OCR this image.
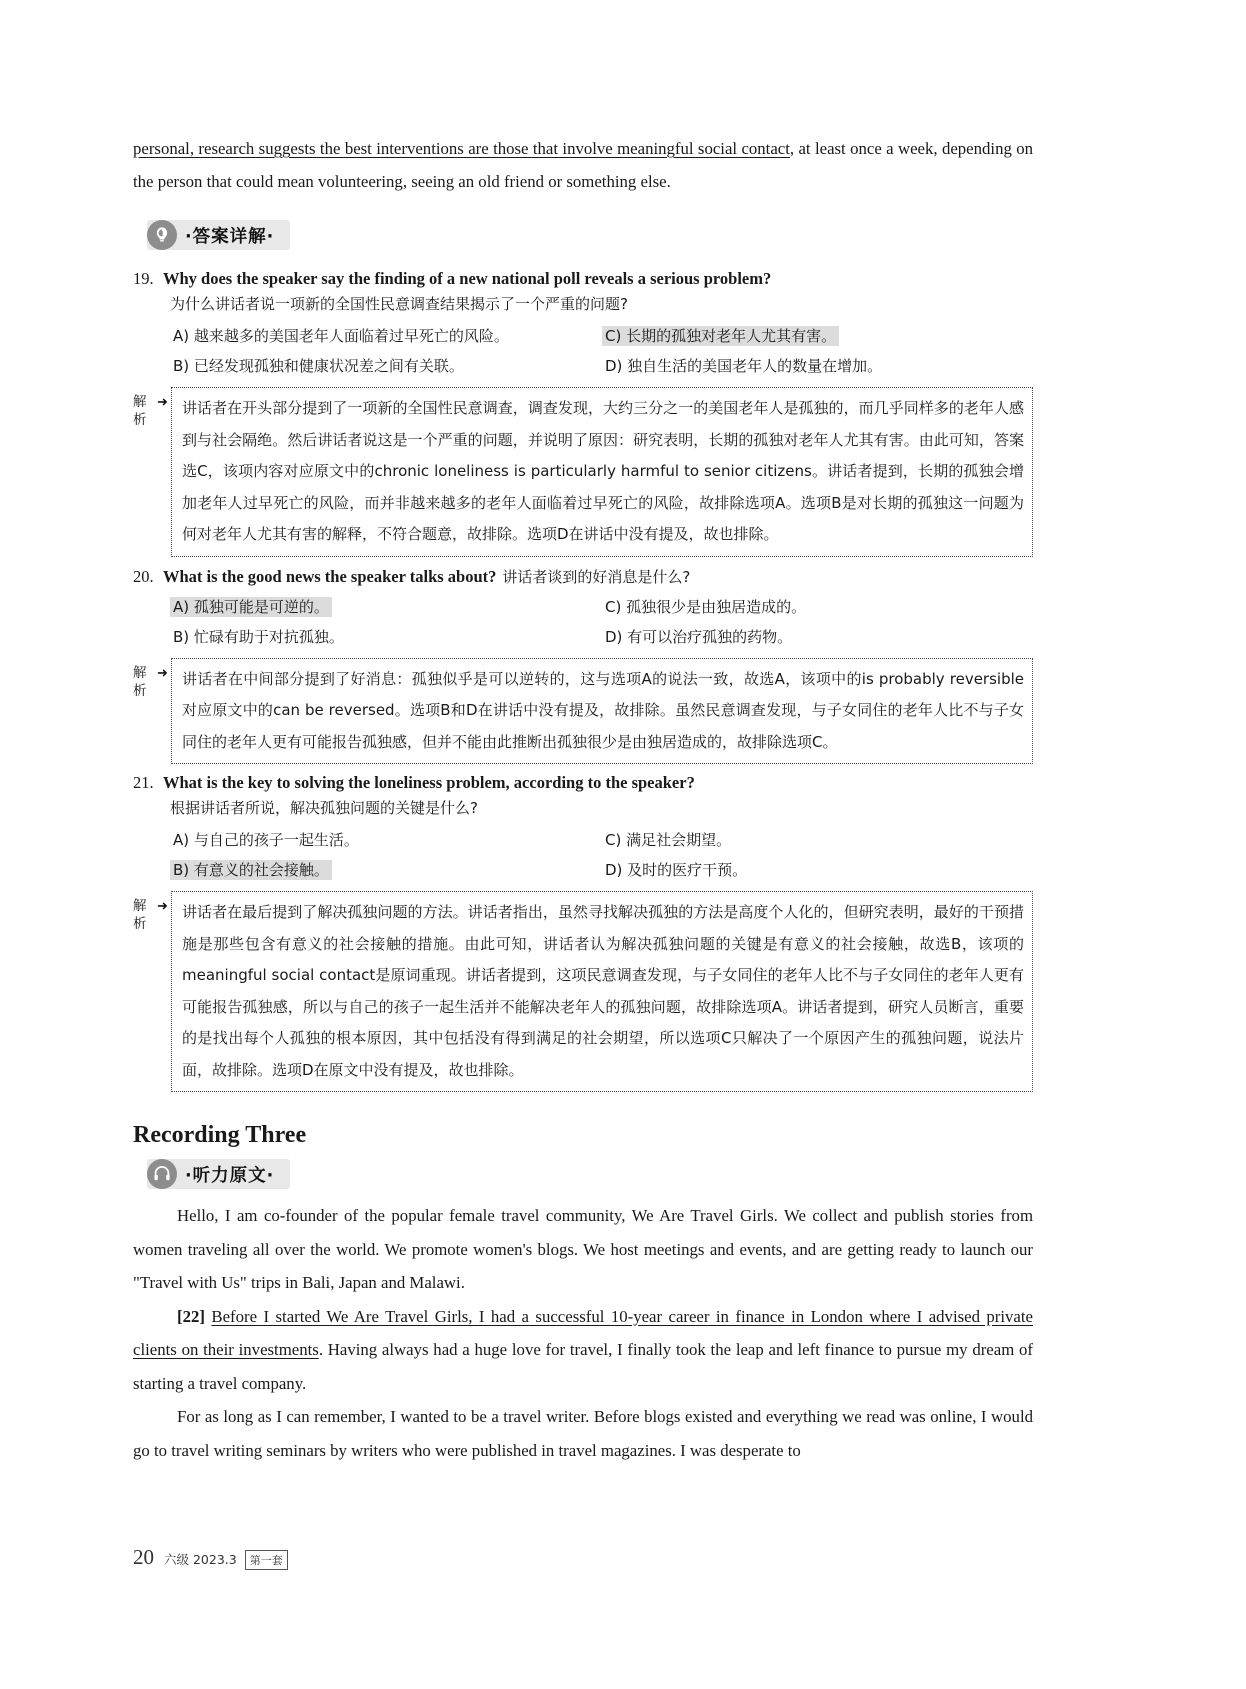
personal, research suggests the best interventions are those that involve meaningful social contact, at least once a week, depending on the person that could mean volunteering, seeing an old friend or something else.

·答案详解·
19. Why does the speaker say the finding of a new national poll reveals a serious problem?
为什么讲话者说一项新的全国性民意调查结果揭示了一个严重的问题?
A) 越来越多的美国老年人面临着过早死亡的风险。	C) 长期的孤独对老年人尤其有害。
B) 已经发现孤独和健康状况差之间有关联。	D) 独自生活的美国老年人的数量在增加。
解
析
➜ 讲话者在开头部分提到了一项新的全国性民意调查，调查发现，大约三分之一的美国老年人是孤独的，而几乎同样多的老年人感到与社会隔绝。然后讲话者说这是一个严重的问题，并说明了原因：研究表明，长期的孤独对老年人尤其有害。由此可知，答案选C，该项内容对应原文中的chronic loneliness is particularly harmful to senior citizens。讲话者提到，长期的孤独会增加老年人过早死亡的风险，而并非越来越多的老年人面临着过早死亡的风险，故排除选项A。选项B是对长期的孤独这一问题为何对老年人尤其有害的解释，不符合题意，故排除。选项D在讲话中没有提及，故也排除。
20. What is the good news the speaker talks about? 讲话者谈到的好消息是什么?
A) 孤独可能是可逆的。	C) 孤独很少是由独居造成的。
B) 忙碌有助于对抗孤独。	D) 有可以治疗孤独的药物。
解
析
➜ 讲话者在中间部分提到了好消息：孤独似乎是可以逆转的，这与选项A的说法一致，故选A，该项中的is probably reversible对应原文中的can be reversed。选项B和D在讲话中没有提及，故排除。虽然民意调查发现，与子女同住的老年人比不与子女同住的老年人更有可能报告孤独感，但并不能由此推断出孤独很少是由独居造成的，故排除选项C。
21. What is the key to solving the loneliness problem, according to the speaker?
根据讲话者所说，解决孤独问题的关键是什么?
A) 与自己的孩子一起生活。	C) 满足社会期望。
B) 有意义的社会接触。	D) 及时的医疗干预。
解
析
➜ 讲话者在最后提到了解决孤独问题的方法。讲话者指出，虽然寻找解决孤独的方法是高度个人化的，但研究表明，最好的干预措施是那些包含有意义的社会接触的措施。由此可知，讲话者认为解决孤独问题的关键是有意义的社会接触，故选B，该项的 meaningful social contact是原词重现。讲话者提到，这项民意调查发现，与子女同住的老年人比不与子女同住的老年人更有可能报告孤独感，所以与自己的孩子一起生活并不能解决老年人的孤独问题，故排除选项A。讲话者提到，研究人员断言，重要的是找出每个人孤独的根本原因，其中包括没有得到满足的社会期望，所以选项C只解决了一个原因产生的孤独问题，说法片面，故排除。选项D在原文中没有提及，故也排除。
Recording Three
·听力原文·

Hello, I am co-founder of the popular female travel community, We Are Travel Girls. We collect and publish stories from women traveling all over the world. We promote women's blogs. We host meetings and events, and are getting ready to launch our "Travel with Us" trips in Bali, Japan and Malawi.

[22] Before I started We Are Travel Girls, I had a successful 10-year career in finance in London where I advised private clients on their investments. Having always had a huge love for travel, I finally took the leap and left finance to pursue my dream of starting a travel company.

For as long as I can remember, I wanted to be a travel writer. Before blogs existed and everything we read was online, I would go to travel writing seminars by writers who were published in travel magazines. I was desperate to

20 六级 2023.3	第一套
